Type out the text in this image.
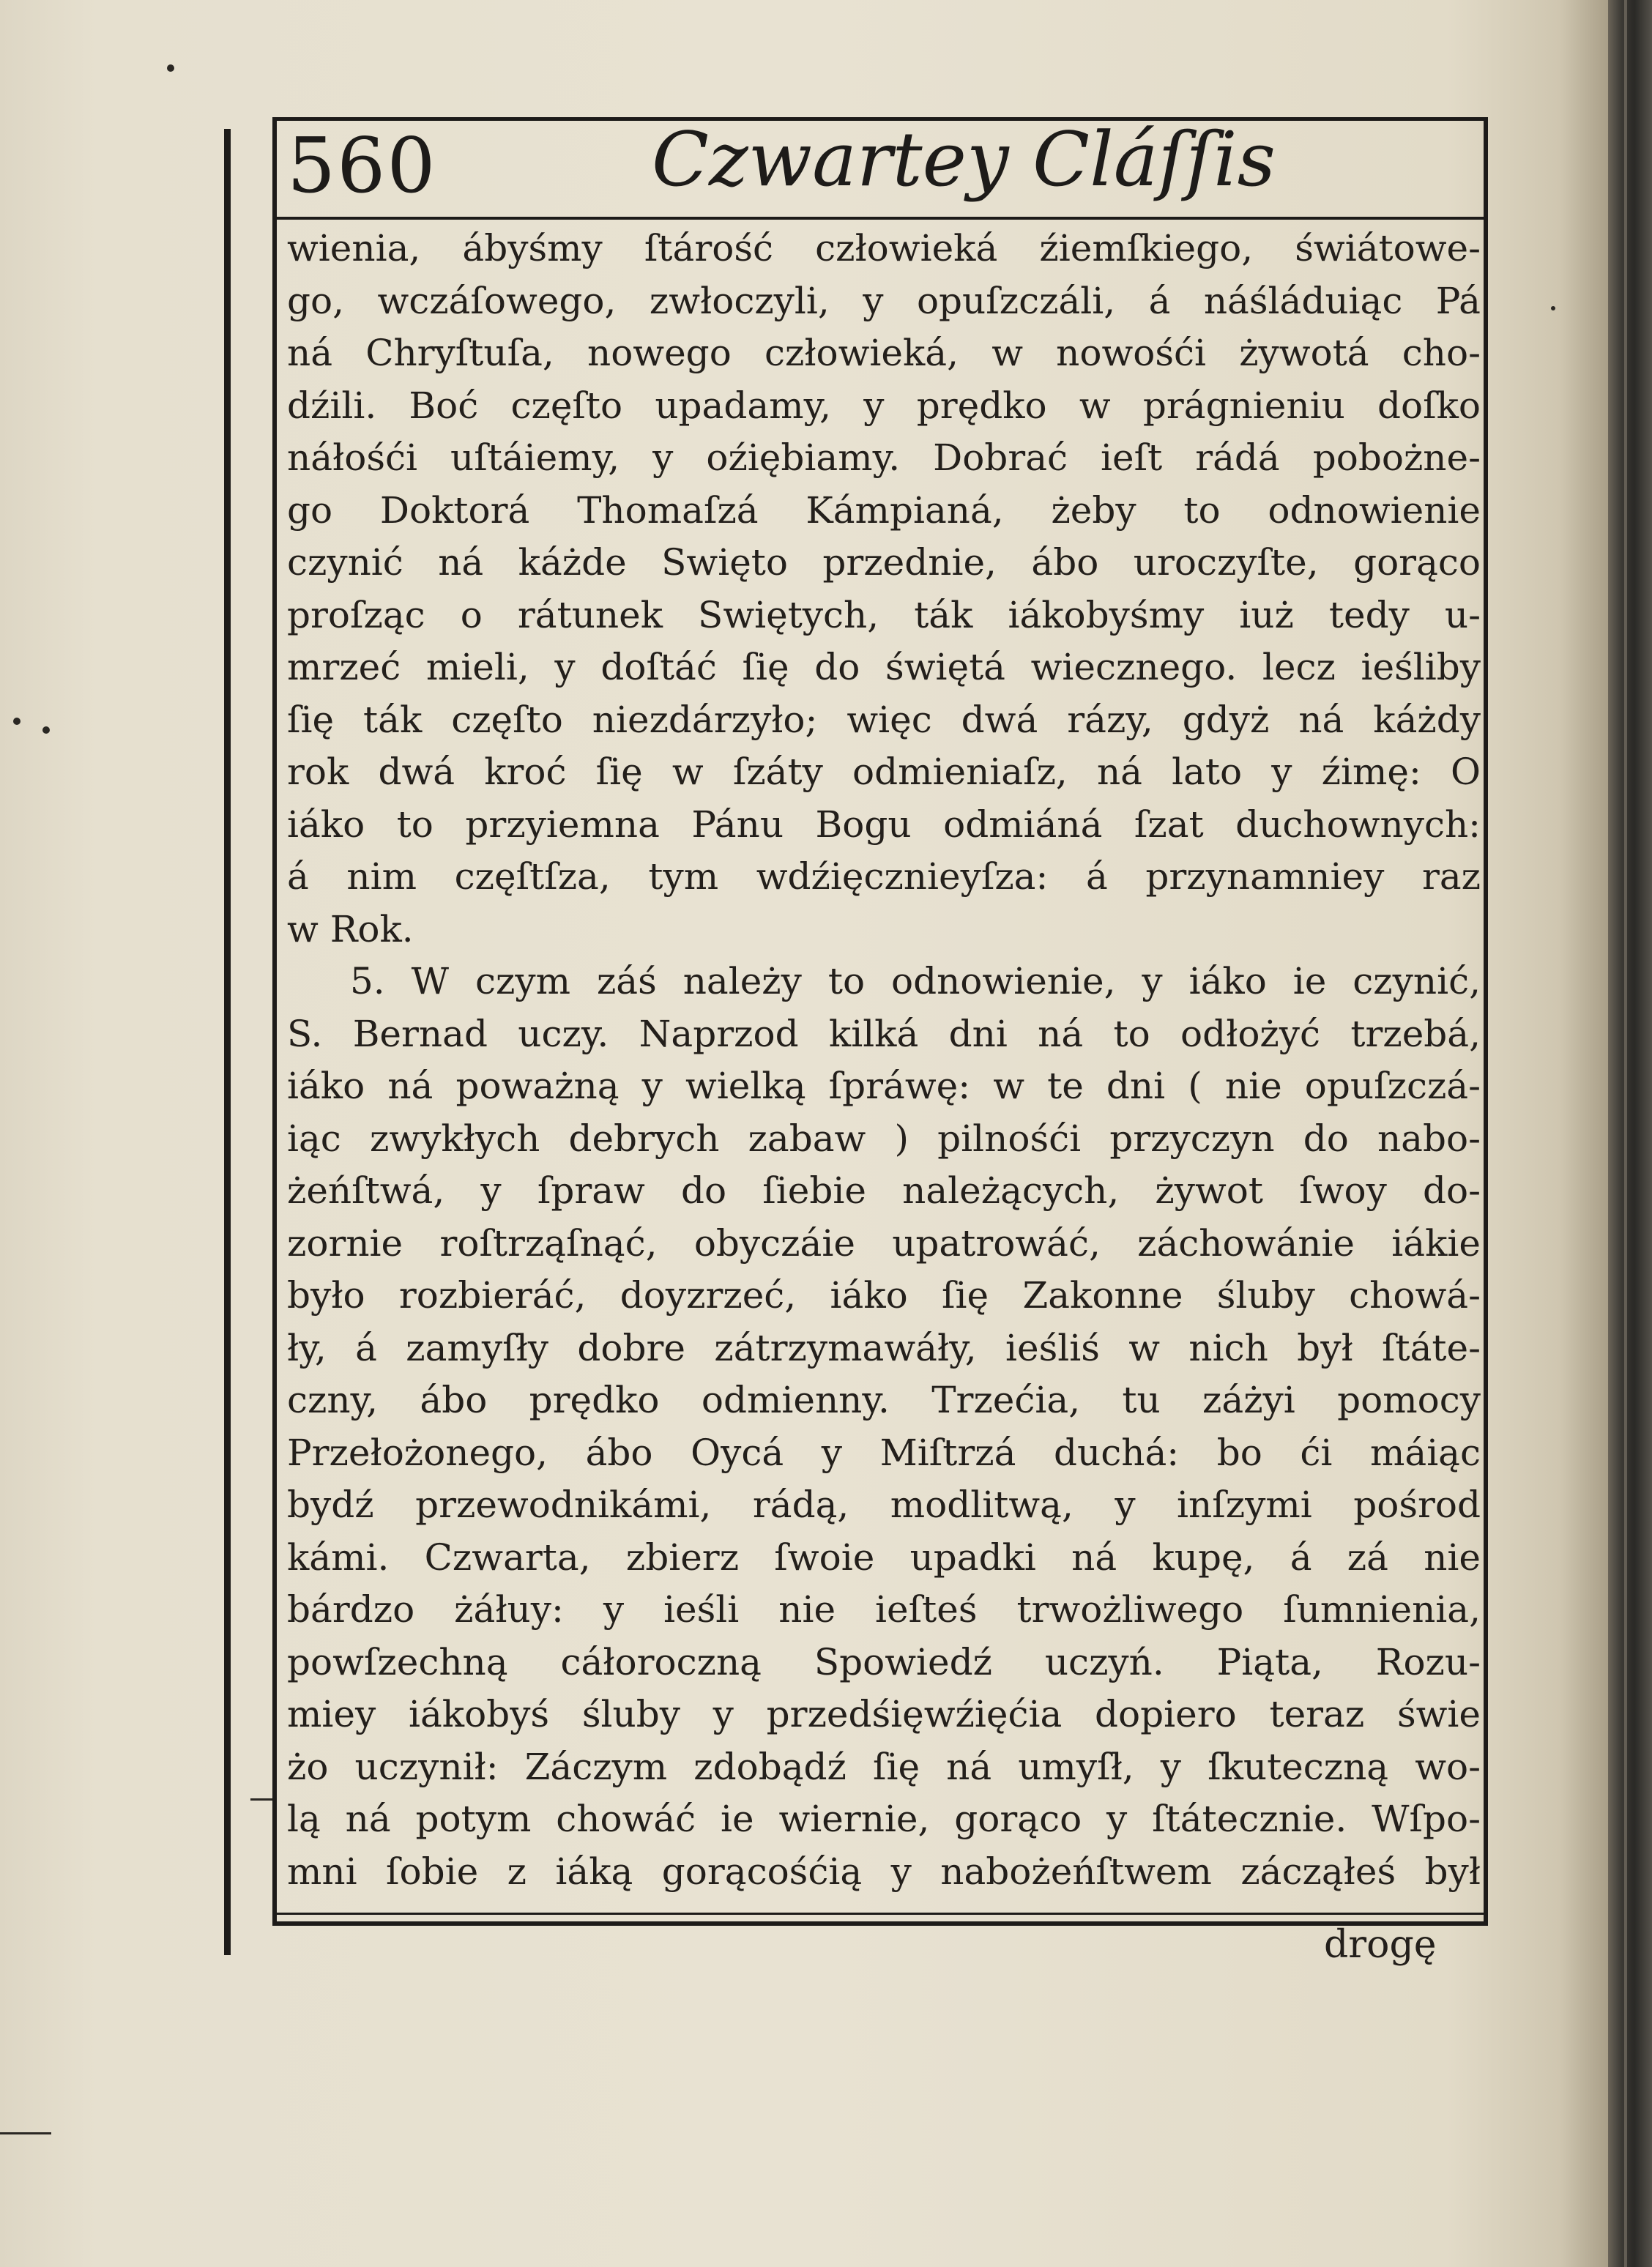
560	Czwartey Cláſſis
wienia, ábyśmy ſtárość człowieká źiemſkiego, świátowe-
go, wczáſowego, zwłoczyli, y opuſzczáli, á náśláduiąc Pá
ná Chryſtuſa, nowego człowieká, w nowośći żywotá cho-
dźili. Boć częſto upadamy, y prędko w prágnieniu doſko
náłośći uſtáiemy, y oźiębiamy. Dobrać ieſt rádá pobożne-
go Doktorá Thomaſzá Kámpianá, żeby to odnowienie
czynić ná káżde Swięto przednie, ábo uroczyſte, gorąco
proſząc o rátunek Swiętych, ták iákobyśmy iuż tedy u-
mrzeć mieli, y doſtáć ſię do świętá wiecznego. lecz ieśliby
ſię ták częſto niezdárzyło; więc dwá rázy, gdyż ná káżdy
rok dwá kroć ſię w ſzáty odmieniaſz, ná lato y źimę: O
iáko to przyiemna Pánu Bogu odmiáná ſzat duchownych:
á nim częſtſza, tym wdźięcznieyſza: á przynamniey raz
w Rok.
5. W czym záś należy to odnowienie, y iáko ie czynić,
S. Bernad uczy. Naprzod kilká dni ná to odłożyć trzebá,
iáko ná poważną y wielką ſpráwę: w te dni ( nie opuſzczá-
iąc zwykłych debrych zabaw ) pilnośći przyczyn do nabo-
żeńſtwá, y ſpraw do ſiebie należących, żywot ſwoy do-
zornie roſtrząſnąć, obyczáie upatrowáć, záchowánie iákie
było rozbieráć, doyzrzeć, iáko ſię Zakonne śluby chowá-
ły, á zamyſły dobre zátrzymawáły, ieśliś w nich był ſtáte-
czny, ábo prędko odmienny. Trzećia, tu záżyi pomocy
Przełożonego, ábo Oycá y Miſtrzá duchá: bo ći máiąc
bydź przewodnikámi, rádą, modlitwą, y inſzymi pośrod
kámi. Czwarta, zbierz ſwoie upadki ná kupę, á zá nie
bárdzo żáłuy: y ieśli nie ieſteś trwożliwego ſumnienia,
powſzechną cáłoroczną Spowiedź uczyń. Piąta, Rozu-
miey iákobyś śluby y przedśięwźięćia dopiero teraz świe
żo uczynił: Záczym zdobądź ſię ná umyſł, y ſkuteczną wo-
lą ná potym chowáć ie wiernie, gorąco y ſtátecznie. Wſpo-
mni ſobie z iáką gorącośćią y nabożeńſtwem zácząłeś był
drogę
